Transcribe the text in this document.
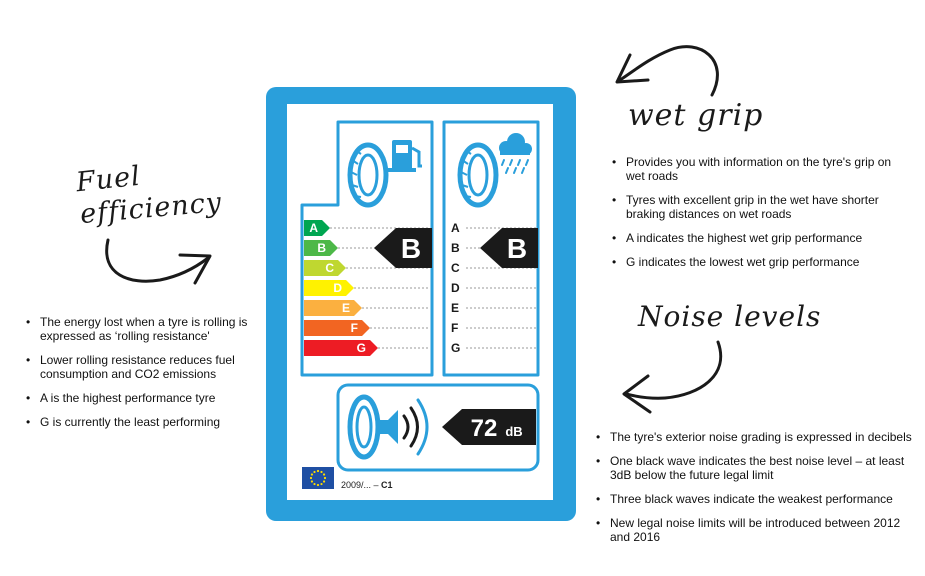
Fuel
efficiency
wet grip
Noise levels
• The energy lost when a tyre is rolling is expressed as ‘rolling resistance'
• Lower rolling resistance reduces fuel consumption and CO2 emissions
• A is the highest performance tyre
• G is currently the least performing
• Provides you with information on the tyre's grip on wet roads
• Tyres with excellent grip in the wet have shorter braking distances on wet roads
• A indicates the highest wet grip performance
• G indicates the lowest wet grip performance
• The tyre's exterior noise grading is expressed in decibels
• One black wave indicates the best noise level – at least 3dB below the future legal limit
• Three black waves indicate the weakest performance
• New legal noise limits will be introduced between 2012 and 2016
A
B
C
D
E
F
G
B
A
B
C
D
E
F
G
B
72 dB
2009/... – C1
